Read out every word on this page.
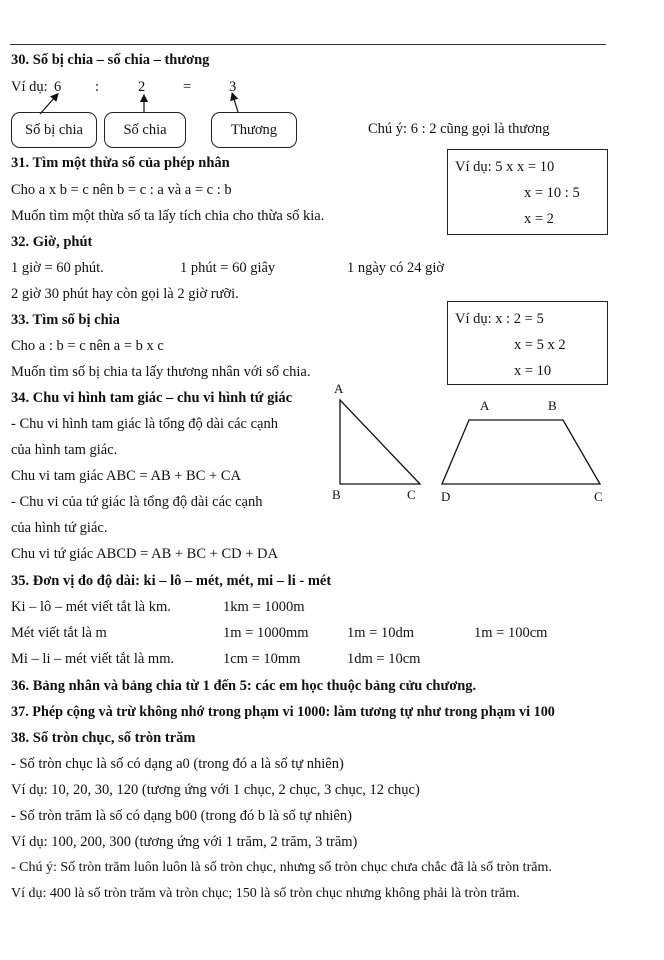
30. Số bị chia – số chia – thương
Ví dụ: 6 :	2	=	3
Số bị chia	Số chia	Thương	Chú ý: 6 : 2 cũng gọi là thương
31. Tìm một thừa số của phép nhân
Cho a x b = c nên b = c : a và a = c : b
Muốn tìm một thừa số ta lấy tích chia cho thừa số kia.
Ví dụ: 5 x x = 10
x = 10 : 5
x = 2
32. Giờ, phút
1 giờ = 60 phút.	1 phút = 60 giây	1 ngày có 24 giờ
2 giờ 30 phút hay còn gọi là 2 giờ rưỡi.
33. Tìm số bị chia
Cho a : b = c nên a = b x c
Muốn tìm số bị chia ta lấy thương nhân với số chia.
Ví dụ: x : 2 = 5
x = 5 x 2
x = 10
34. Chu vi hình tam giác – chu vi hình tứ giác
- Chu vi hình tam giác là tổng độ dài các cạnh
của hình tam giác.
Chu vi tam giác ABC = AB + BC + CA
- Chu vi của tứ giác là tổng độ dài các cạnh
của hình tứ giác.
Chu vi tứ giác ABCD = AB + BC + CD + DA
A
B	C
A	B
C
D
35. Đơn vị đo độ dài: ki – lô – mét, mét, mi – li - mét
Ki – lô – mét viết tắt là km.	1km = 1000m
Mét viết tắt là m	1m = 1000mm	1m = 10dm	1m = 100cm
Mi – li – mét viết tắt là mm.	1cm = 10mm	1dm = 10cm
36. Bảng nhân và bảng chia từ 1 đến 5: các em học thuộc bảng cửu chương.
37. Phép cộng và trừ không nhớ trong phạm vi 1000: làm tương tự như trong phạm vi 100
38. Số tròn chục, số tròn trăm
- Số tròn chục là số có dạng a0 (trong đó a là số tự nhiên)
Ví dụ: 10, 20, 30, 120 (tương ứng với 1 chục, 2 chục, 3 chục, 12 chục)
- Số tròn trăm là số có dạng b00 (trong đó b là số tự nhiên)
Ví dụ: 100, 200, 300 (tương ứng với 1 trăm, 2 trăm, 3 trăm)
- Chú ý: Số tròn trăm luôn luôn là số tròn chục, nhưng số tròn chục chưa chắc đã là số tròn trăm.
Ví dụ: 400 là số tròn trăm và tròn chục; 150 là số tròn chục nhưng không phải là tròn trăm.
